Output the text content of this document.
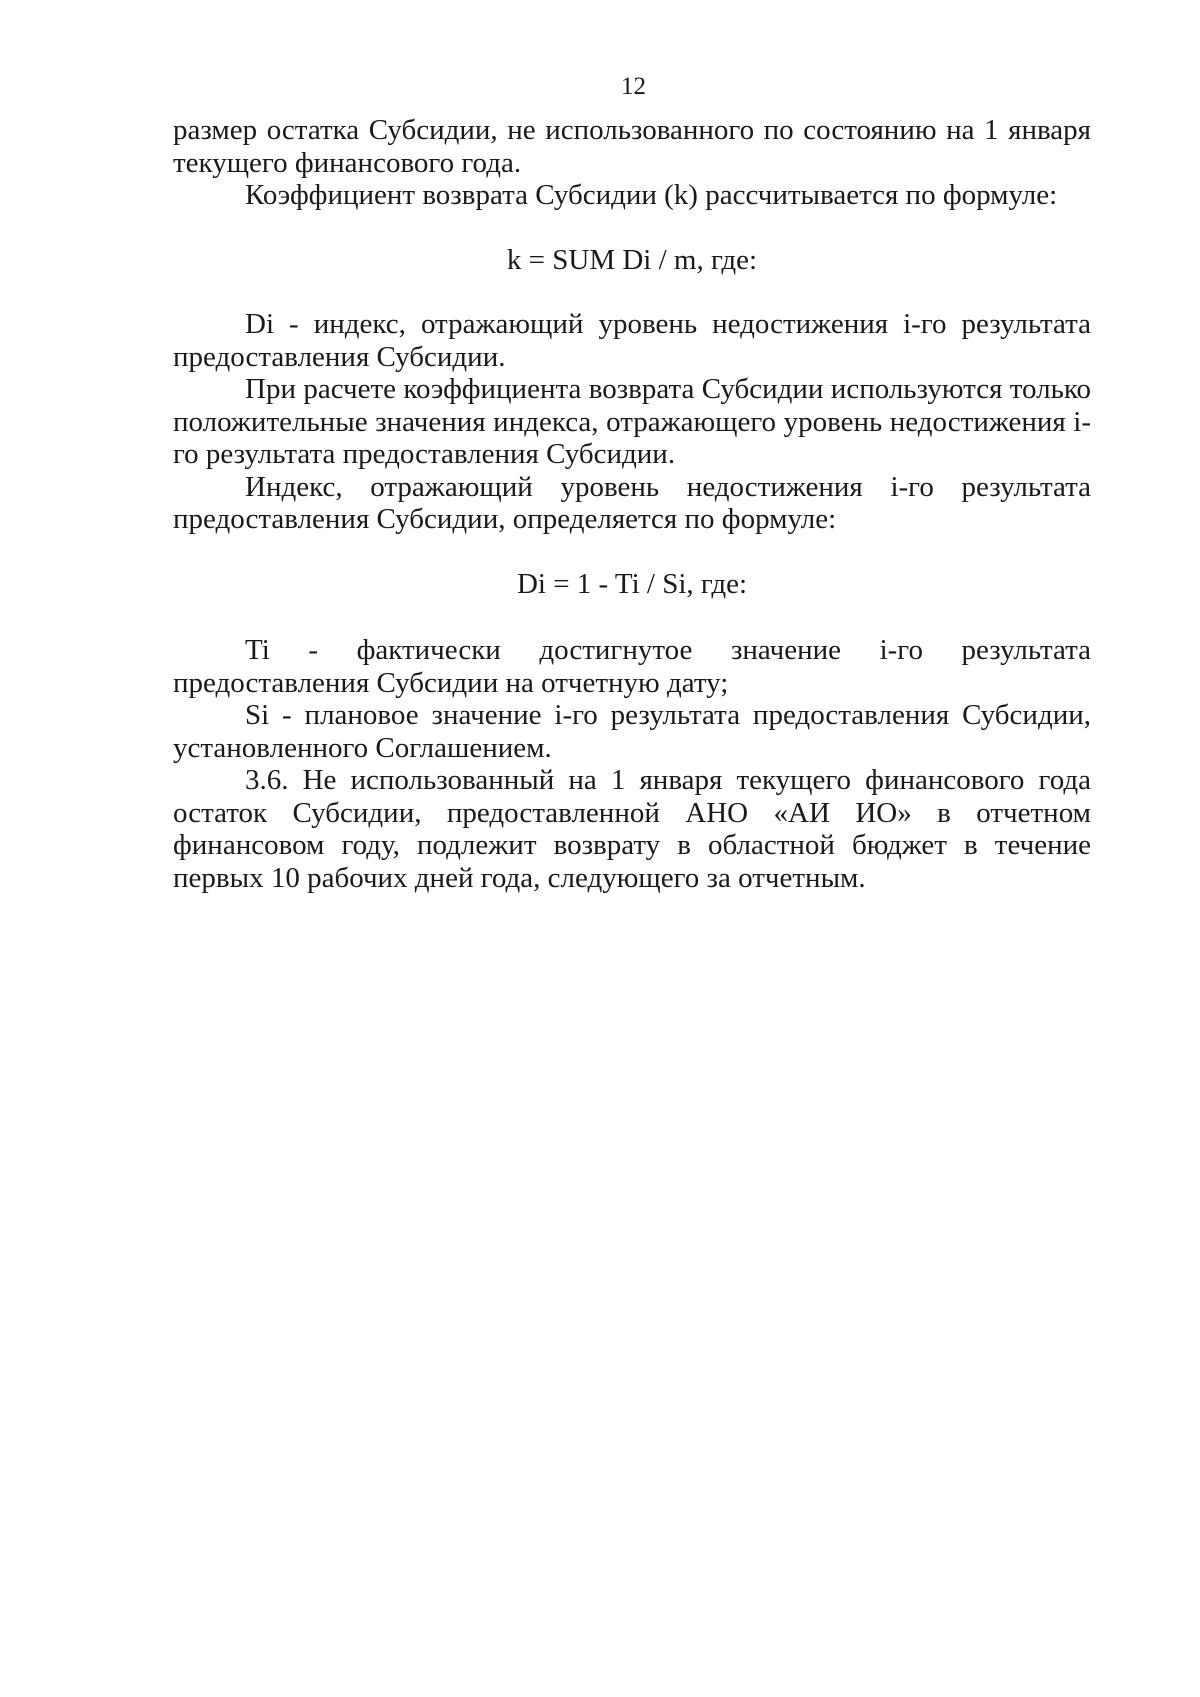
12

размер остатка Субсидии, не использованного по состоянию на 1 января текущего финансового года.

Коэффициент возврата Субсидии (k) рассчитывается по формуле:

k = SUM Di / m, где:

Di - индекс, отражающий уровень недостижения i-го результата предоставления Субсидии.

При расчете коэффициента возврата Субсидии используются только положительные значения индекса, отражающего уровень недостижения i-го результата предоставления Субсидии.

Индекс, отражающий уровень недостижения i-го результата предоставления Субсидии, определяется по формуле:

Di = 1 - Ti / Si, где:

Ti - фактически достигнутое значение i-го результата предоставления Субсидии на отчетную дату;

Si - плановое значение i-го результата предоставления Субсидии, установленного Соглашением.

3.6. Не использованный на 1 января текущего финансового года остаток Субсидии, предоставленной АНО «АИ ИО» в отчетном финансовом году, подлежит возврату в областной бюджет в течение первых 10 рабочих дней года, следующего за отчетным.
